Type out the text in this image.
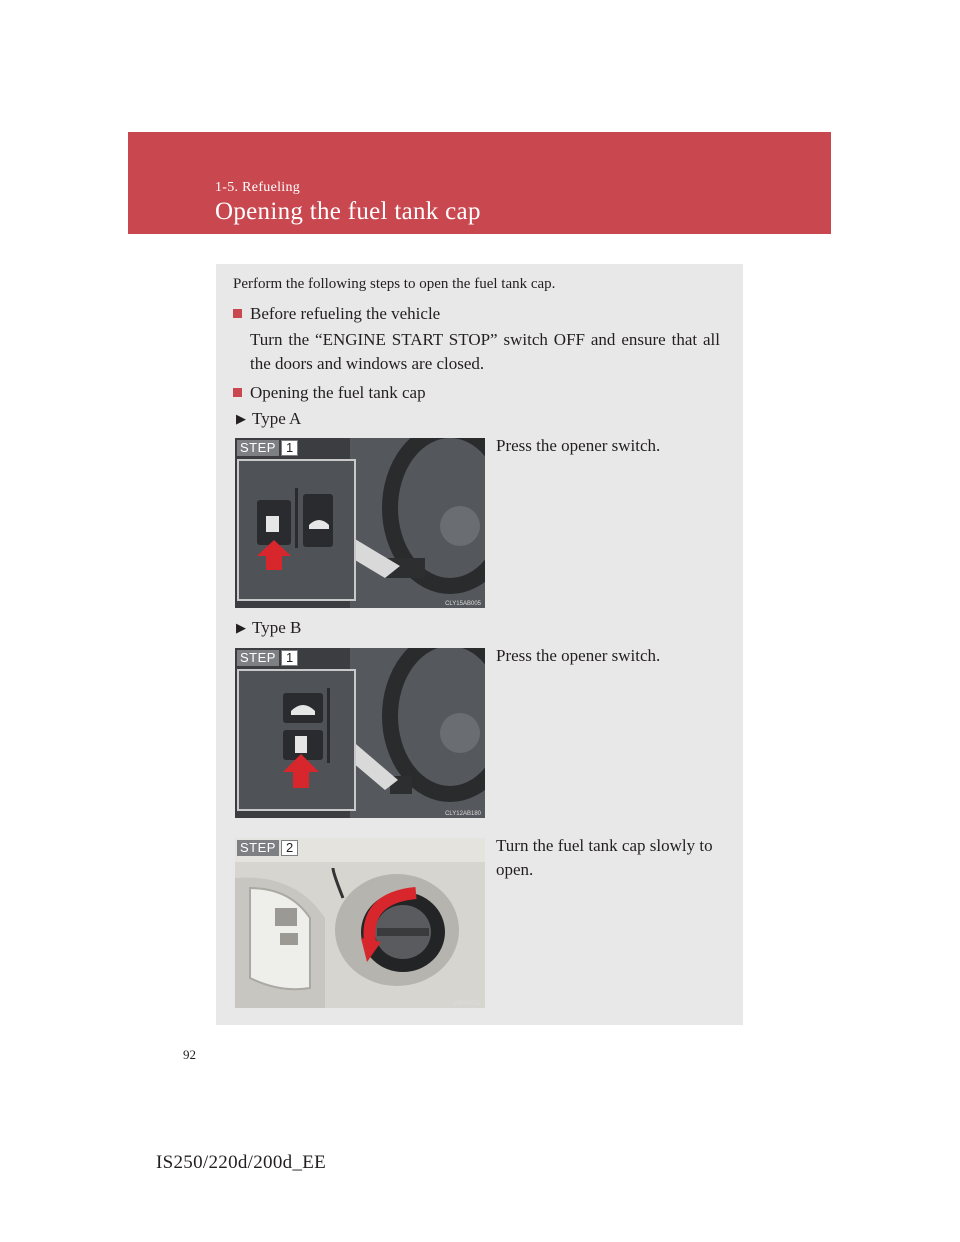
1-5. Refueling
Opening the fuel tank cap
Perform the following steps to open the fuel tank cap.
Before refueling the vehicle
Turn the “ENGINE START STOP” switch OFF and ensure that all the doors and windows are closed.
Opening the fuel tank cap
▶ Type A
STEP 1
CLY15AB005
Press the opener switch.
▶ Type B
STEP 1
CLY12AB180
Press the opener switch.
STEP 2
16KY003L
Turn the fuel tank cap slowly to open.
92
IS250/220d/200d_EE
